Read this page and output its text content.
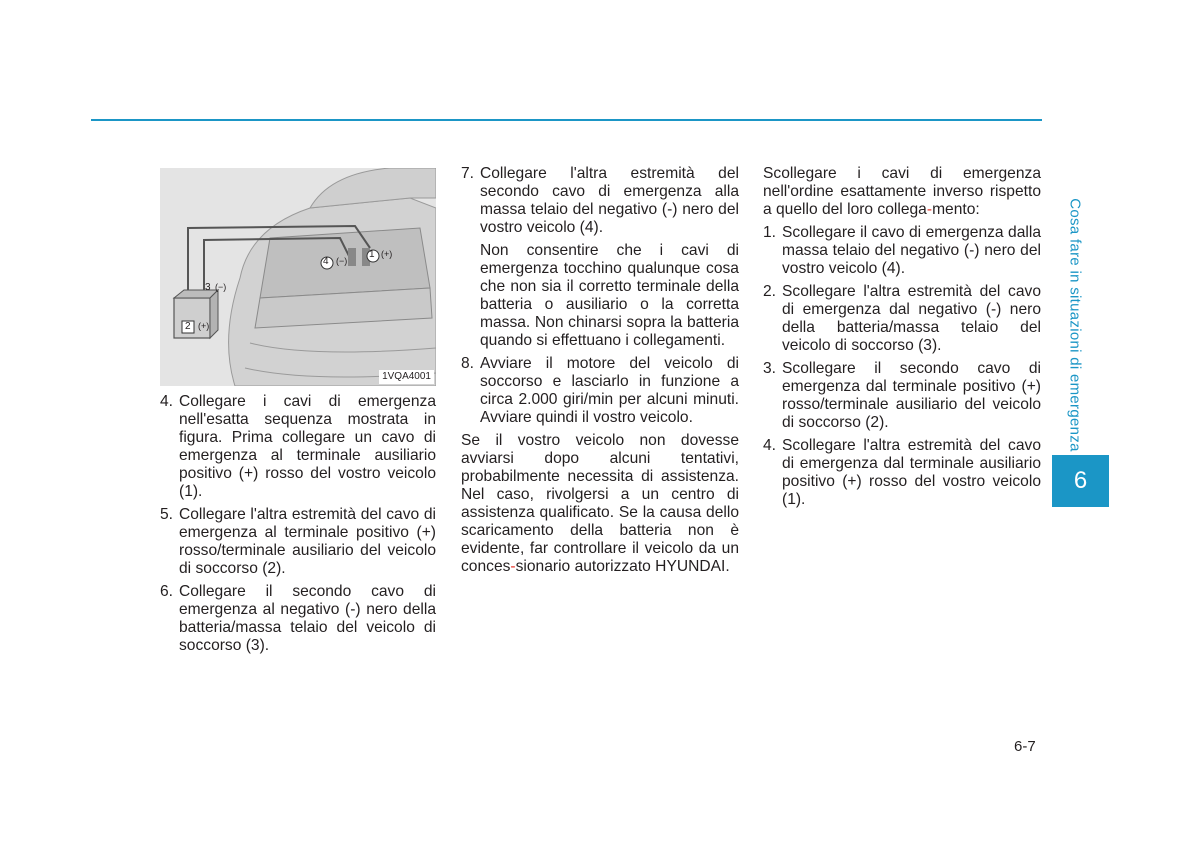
4 (−)
1 (+)
3 (−)
2 (+)
1VQA4001
4. Collegare i cavi di emergenza nell'esatta sequenza mostrata in figura. Prima collegare un cavo di emergenza al terminale ausiliario positivo (+) rosso del vostro veicolo (1).
5. Collegare l'altra estremità del cavo di emergenza al terminale positivo (+) rosso/terminale ausiliario del veicolo di soccorso (2).
6. Collegare il secondo cavo di emergenza al negativo (-) nero della batteria/massa telaio del veicolo di soccorso (3).
7. Collegare l'altra estremità del secondo cavo di emergenza alla massa telaio del negativo (-) nero del vostro veicolo (4).
Non consentire che i cavi di emergenza tocchino qualunque cosa che non sia il corretto terminale della batteria o ausiliario o la corretta massa. Non chinarsi sopra la batteria quando si effettuano i collegamenti.
8. Avviare il motore del veicolo di soccorso e lasciarlo in funzione a circa 2.000 giri/min per alcuni minuti. Avviare quindi il vostro veicolo.

Se il vostro veicolo non dovesse avviarsi dopo alcuni tentativi, probabilmente necessita di assistenza. Nel caso, rivolgersi a un centro di assistenza qualificato. Se la causa dello scaricamento della batteria non è evidente, far controllare il veicolo da un conces-sionario autorizzato HYUNDAI.

Scollegare i cavi di emergenza nell'ordine esattamente inverso rispetto a quello del loro collega-mento:

1. Scollegare il cavo di emergenza dalla massa telaio del negativo (-) nero del vostro veicolo (4).
2. Scollegare l'altra estremità del cavo di emergenza dal negativo (-) nero della batteria/massa telaio del veicolo di soccorso (3).
3. Scollegare il secondo cavo di emergenza dal terminale positivo (+) rosso/terminale ausiliario del veicolo di soccorso (2).
4. Scollegare l'altra estremità del cavo di emergenza dal terminale ausiliario positivo (+) rosso del vostro veicolo (1).
Cosa fare in situazioni di emergenza
6
6-7
